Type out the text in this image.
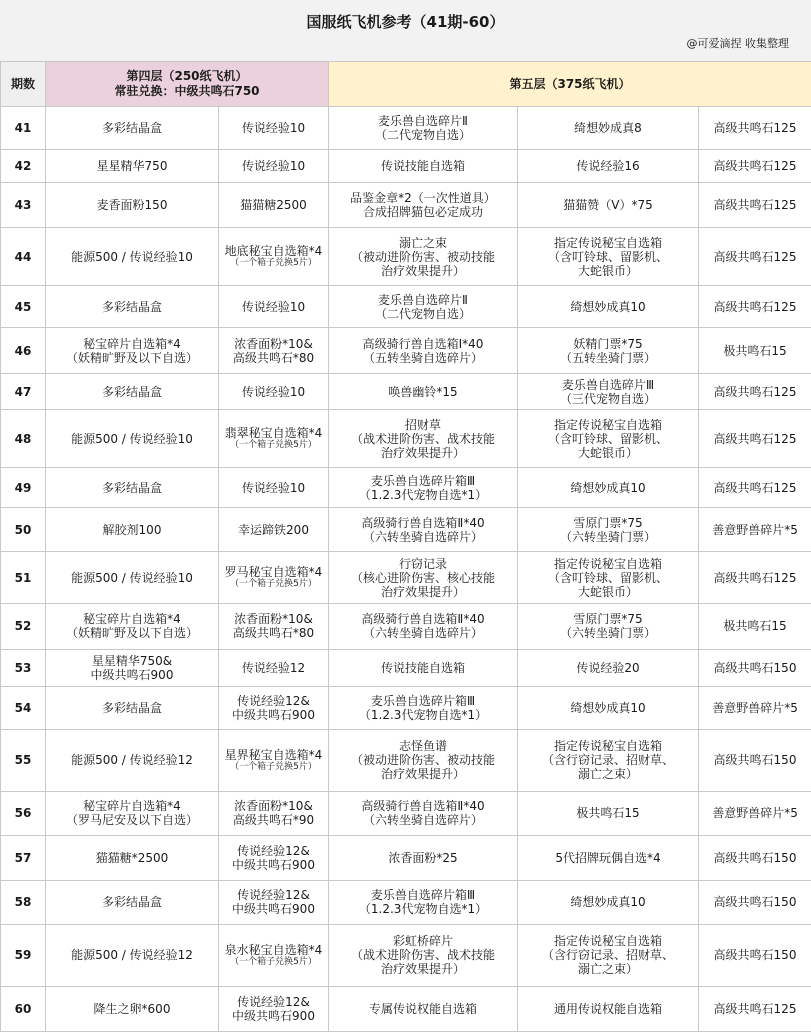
国服纸飞机参考（41期-60）
@可爱滴捏 收集整理
期数	第四层（250纸飞机）
常驻兑换：中级共鸣石750		第五层（375纸飞机）		
41	多彩结晶盒	传说经验10	麦乐兽自选碎片Ⅱ
（二代宠物自选）	绮想妙成真8	高级共鸣石125

42	星星精华750	传说经验10	传说技能自选箱	传说经验16	高级共鸣石125

43	麦香面粉150	猫猫糖2500	品鉴金章*2（一次性道具）
合成招牌猫包必定成功	猫猫赞（Ⅴ）*75	高级共鸣石125

44	能源500 / 传说经验10	地底秘宝自选箱*4
（一个箱子兑换5片）	溺亡之束
（被动进阶伤害、被动技能
治疗效果提升）	指定传说秘宝自选箱
（含叮铃球、留影机、
大蛇银币）	高级共鸣石125

45	多彩结晶盒	传说经验10	麦乐兽自选碎片Ⅱ
（二代宠物自选）	绮想妙成真10	高级共鸣石125

46	秘宝碎片自选箱*4
（妖精旷野及以下自选）	浓香面粉*10&
高级共鸣石*80	高级骑行兽自选箱Ⅰ*40
（五转坐骑自选碎片）	妖精门票*75
（五转坐骑门票）	极共鸣石15

47	多彩结晶盒	传说经验10	唤兽幽铃*15	麦乐兽自选碎片Ⅲ
（三代宠物自选）	高级共鸣石125

48	能源500 / 传说经验10	翡翠秘宝自选箱*4
（一个箱子兑换5片）	招财草
（战术进阶伤害、战术技能
治疗效果提升）	指定传说秘宝自选箱
（含叮铃球、留影机、
大蛇银币）	高级共鸣石125

49	多彩结晶盒	传说经验10	麦乐兽自选碎片箱Ⅲ
（1.2.3代宠物自选*1）	绮想妙成真10	高级共鸣石125

50	解胶剂100	幸运蹄铁200	高级骑行兽自选箱Ⅱ*40
（六转坐骑自选碎片）	雪原门票*75
（六转坐骑门票）	善意野兽碎片*5

51	能源500 / 传说经验10	罗马秘宝自选箱*4
（一个箱子兑换5片）	行窃记录
（核心进阶伤害、核心技能
治疗效果提升）	指定传说秘宝自选箱
（含叮铃球、留影机、
大蛇银币）	高级共鸣石125

52	秘宝碎片自选箱*4
（妖精旷野及以下自选）	浓香面粉*10&
高级共鸣石*80	高级骑行兽自选箱Ⅱ*40
（六转坐骑自选碎片）	雪原门票*75
（六转坐骑门票）	极共鸣石15

53	星星精华750&
中级共鸣石900	传说经验12	传说技能自选箱	传说经验20	高级共鸣石150

54	多彩结晶盒	传说经验12&
中级共鸣石900	麦乐兽自选碎片箱Ⅲ
（1.2.3代宠物自选*1）	绮想妙成真10	善意野兽碎片*5

55	能源500 / 传说经验12	星界秘宝自选箱*4
（一个箱子兑换5片）	志怪鱼谱
（被动进阶伤害、被动技能
治疗效果提升）	指定传说秘宝自选箱
（含行窃记录、招财草、
溺亡之束）	高级共鸣石150

56	秘宝碎片自选箱*4
（罗马尼安及以下自选）	浓香面粉*10&
高级共鸣石*90	高级骑行兽自选箱Ⅱ*40
（六转坐骑自选碎片）	极共鸣石15	善意野兽碎片*5

57	猫猫糖*2500	传说经验12&
中级共鸣石900	浓香面粉*25	5代招牌玩偶自选*4	高级共鸣石150

58	多彩结晶盒	传说经验12&
中级共鸣石900	麦乐兽自选碎片箱Ⅲ
（1.2.3代宠物自选*1）	绮想妙成真10	高级共鸣石150

59	能源500 / 传说经验12	泉水秘宝自选箱*4
（一个箱子兑换5片）	彩虹桥碎片
（战术进阶伤害、战术技能
治疗效果提升）	指定传说秘宝自选箱
（含行窃记录、招财草、
溺亡之束）	高级共鸣石150

60	降生之卵*600	传说经验12&
中级共鸣石900	专属传说权能自选箱	通用传说权能自选箱	高级共鸣石125
